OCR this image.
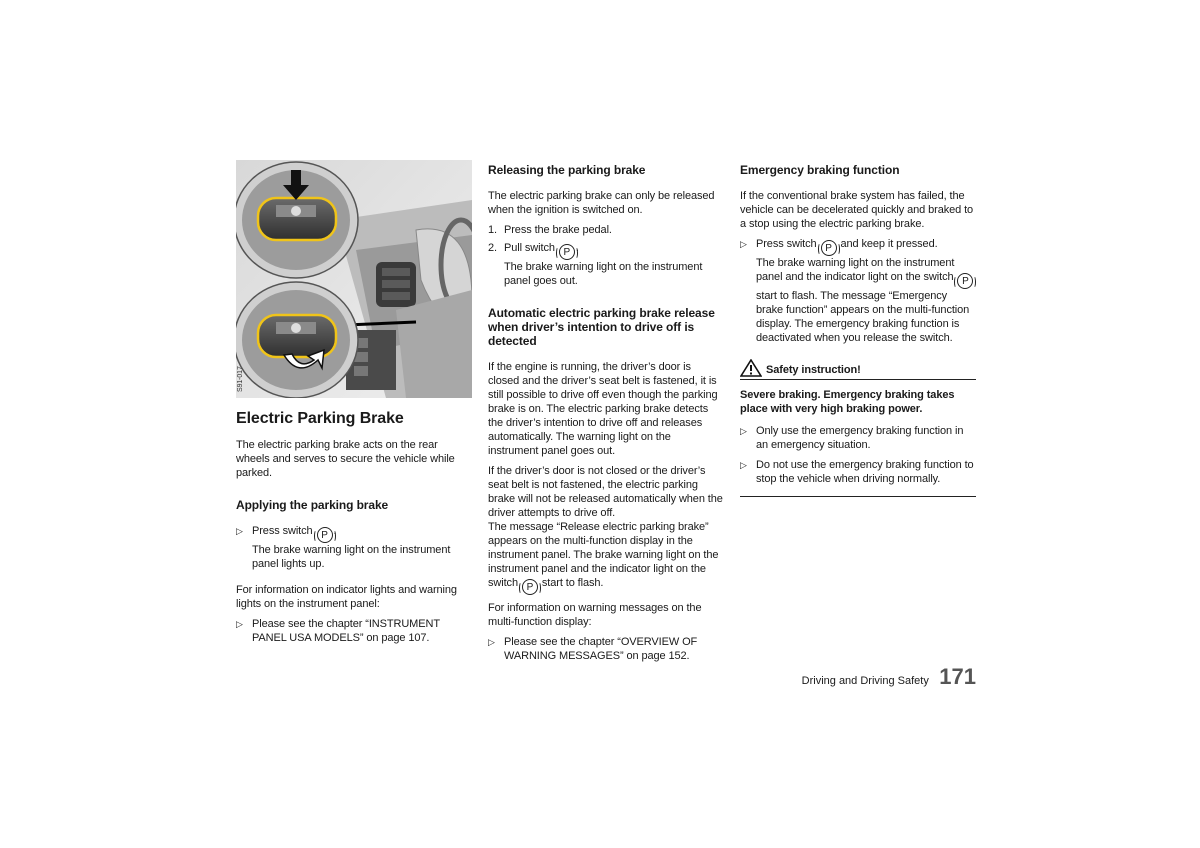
S91-017
Electric Parking Brake

The electric parking brake acts on the rear wheels and serves to secure the vehicle while parked.

Applying the parking brake
▷ Press switch P .
The brake warning light on the instrument panel lights up.

For information on indicator lights and warning lights on the instrument panel:

▷ Please see the chapter “INSTRUMENT PANEL USA MODELS” on page 107.
Releasing the parking brake

The electric parking brake can only be released when the ignition is switched on.

1. Press the brake pedal.
2. Pull switch P .
The brake warning light on the instrument panel goes out.
Automatic electric parking brake release when driver’s intention to drive off is detected

If the engine is running, the driver’s door is closed and the driver’s seat belt is fastened, it is still possible to drive off even though the parking brake is on. The electric parking brake detects the driver’s intention to drive off and releases automatically. The warning light on the instrument panel goes out.

If the driver’s door is not closed or the driver’s seat belt is not fastened, the electric parking brake will not be released automatically when the driver attempts to drive off.

The message “Release electric parking brake” appears on the multi-function display in the instrument panel. The brake warning light on the instrument panel and the indicator light on the switch P start to flash.

For information on warning messages on the multi-function display:

▷ Please see the chapter “OVERVIEW OF WARNING MESSAGES” on page 152.
Emergency braking function

If the conventional brake system has failed, the vehicle can be decelerated quickly and braked to a stop using the electric parking brake.

▷ Press switch P and keep it pressed.
The brake warning light on the instrument panel and the indicator light on the switch P
start to flash. The message “Emergency brake function” appears on the multi-function display. The emergency braking function is deactivated when you release the switch.
Safety instruction!

Severe braking. Emergency braking takes place with very high braking power.

▷ Only use the emergency braking function in an emergency situation.
▷ Do not use the emergency braking function to stop the vehicle when driving normally.
Driving and Driving Safety 171
